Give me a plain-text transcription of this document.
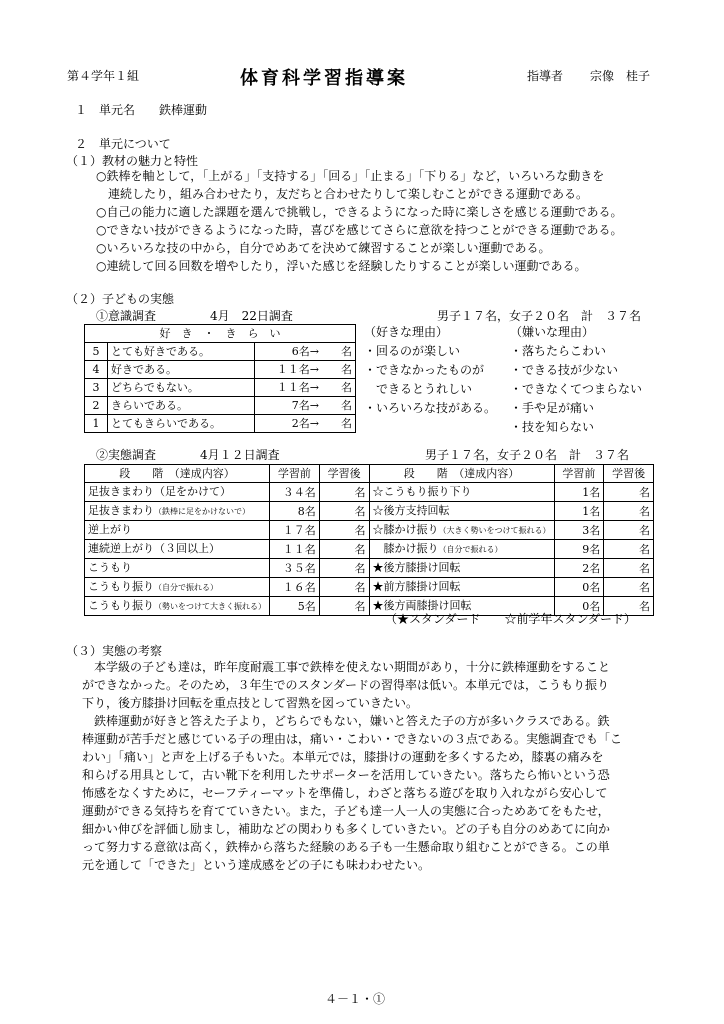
第４学年１組	体育科学習指導案	指導者 宗像　桂子
１　単元名　　鉄棒運動
２　単元について
（１）教材の魅力と特性
○鉄棒を軸として，「上がる」「支持する」「回る」「止まる」「下りる」など，いろいろな動きを
　連続したり，組み合わせたり，友だちと合わせたりして楽しむことができる運動である。
○自己の能力に適した課題を選んで挑戦し，できるようになった時に楽しさを感じる運動である。
○できない技ができるようになった時，喜びを感じてさらに意欲を持つことができる運動である。
○いろいろな技の中から，自分でめあてを決めて練習することが楽しい運動である。
○連続して回る回数を増やしたり，浮いた感じを経験したりすることが楽しい運動である。
（２）子どもの実態
①意識調査	4月　22日調査	男子１７名，女子２０名　計　３７名
好　き　・　き　ら　い		
5	とても好きである。	6名→　　名
4	好きである。	１１名→　　名
3	どちらでもない。	１１名→　　名
2	きらいである。	7名→　　名
1	とてもきらいである。	2名→　　名
（好きな理由）
・回るのが楽しい
・できなかったものが
　できるとうれしい
・いろいろな技がある。
（嫌いな理由）
・落ちたらこわい
・できる技が少ない
・できなくてつまらない
・手や足が痛い
・技を知らない
②実態調査	4月１２日調査	男子１７名，女子２０名　計　３７名
段　　階　（達成内容）	学習前	学習後	段　　階　（達成内容）	学習前	学習後
足抜きまわり（足をかけて）	３４名	名	☆こうもり振り下り	1名	名
足抜きまわり（鉄棒に足をかけないで）	8名	名	☆後方支持回転	1名	名
逆上がり	１７名	名	☆膝かけ振り（大きく勢いをつけて振れる）	3名	名
連続逆上がり（３回以上）	１１名	名	　膝かけ振り（自分で振れる）	9名	名
こうもり	３５名	名	★後方膝掛け回転	2名	名
こうもり振り（自分で振れる）	１６名	名	★前方膝掛け回転	0名	名
こうもり振り（勢いをつけて大きく振れる）	5名	名	★後方両膝掛け回転	0名	名
（★スタンダード　　☆前学年スタンダード）
（３）実態の考察
　本学級の子ども達は，昨年度耐震工事で鉄棒を使えない期間があり，十分に鉄棒運動をすること
ができなかった。そのため，３年生でのスタンダードの習得率は低い。本単元では，こうもり振り
下り，後方膝掛け回転を重点技として習熟を図っていきたい。
　鉄棒運動が好きと答えた子より，どちらでもない，嫌いと答えた子の方が多いクラスである。鉄
棒運動が苦手だと感じている子の理由は，痛い・こわい・できないの３点である。実態調査でも「こ
わい」「痛い」と声を上げる子もいた。本単元では，膝掛けの運動を多くするため，膝裏の痛みを
和らげる用具として，古い靴下を利用したサポーターを活用していきたい。落ちたら怖いという恐
怖感をなくすために，セーフティーマットを準備し，わざと落ちる遊びを取り入れながら安心して
運動ができる気持ちを育てていきたい。また，子ども達一人一人の実態に合っためあてをもたせ，
細かい伸びを評価し励まし，補助などの関わりも多くしていきたい。どの子も自分のめあてに向か
って努力する意欲は高く，鉄棒から落ちた経験のある子も一生懸命取り組むことができる。この単
元を通して「できた」という達成感をどの子にも味わわせたい。
４－１・①
